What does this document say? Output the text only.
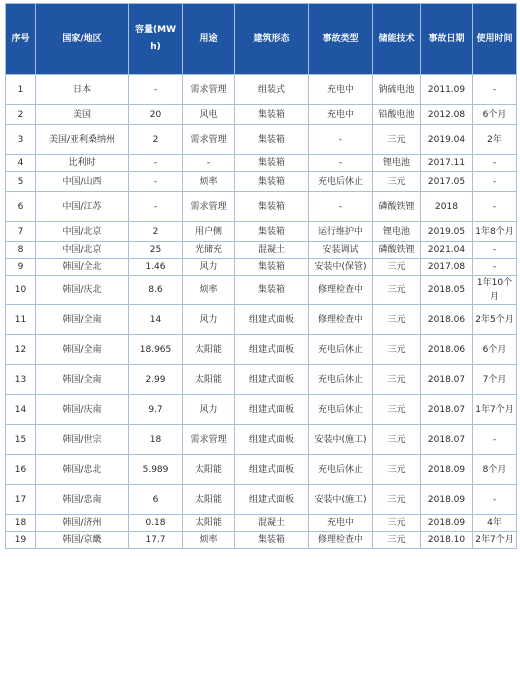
序号	国家/地区	容量(MWh)	用途	建筑形态	事故类型	储能技术	事故日期	使用时间
1	日本	-	需求管理	组装式	充电中	钠硫电池	2011.09	-
2	美国	20	风电	集装箱	充电中	铅酸电池	2012.08	6个月
3	美国/亚利桑纳州	2	需求管理	集装箱	-	三元	2019.04	2年
4	比利时	-	-	集装箱	-	锂电池	2017.11	-
5	中国/山西	-	烦率	集装箱	充电后休止	三元	2017.05	-
6	中国/江苏	-	需求管理	集装箱	-	磷酸铁锂	2018	-
7	中国/北京	2	用户侧	集装箱	运行维护中	锂电池	2019.05	1年8个月
8	中国/北京	25	光储充	混凝土	安装调试	磷酸铁锂	2021.04	-
9	韩国/全北	1.46	风力	集装箱	安装中(保管)	三元	2017.08	-
10	韩国/庆北	8.6	烦率	集装箱	修理检查中	三元	2018.05	1年10个月
11	韩国/全南	14	风力	组建式面板	修理检查中	三元	2018.06	2年5个月
12	韩国/全南	18.965	太阳能	组建式面板	充电后休止	三元	2018.06	6个月
13	韩国/全南	2.99	太阳能	组建式面板	充电后休止	三元	2018.07	7个月
14	韩国/庆南	9.7	风力	组建式面板	充电后休止	三元	2018.07	1年7个月
15	韩国/世宗	18	需求管理	组建式面板	安装中(施工)	三元	2018.07	-
16	韩国/忠北	5.989	太阳能	组建式面板	充电后休止	三元	2018.09	8个月
17	韩国/忠南	6	太阳能	组建式面板	安装中(施工)	三元	2018.09	-
18	韩国/济州	0.18	太阳能	混凝土	充电中	三元	2018.09	4年
19	韩国/京畿	17.7	烦率	集装箱	修理检查中	三元	2018.10	2年7个月
